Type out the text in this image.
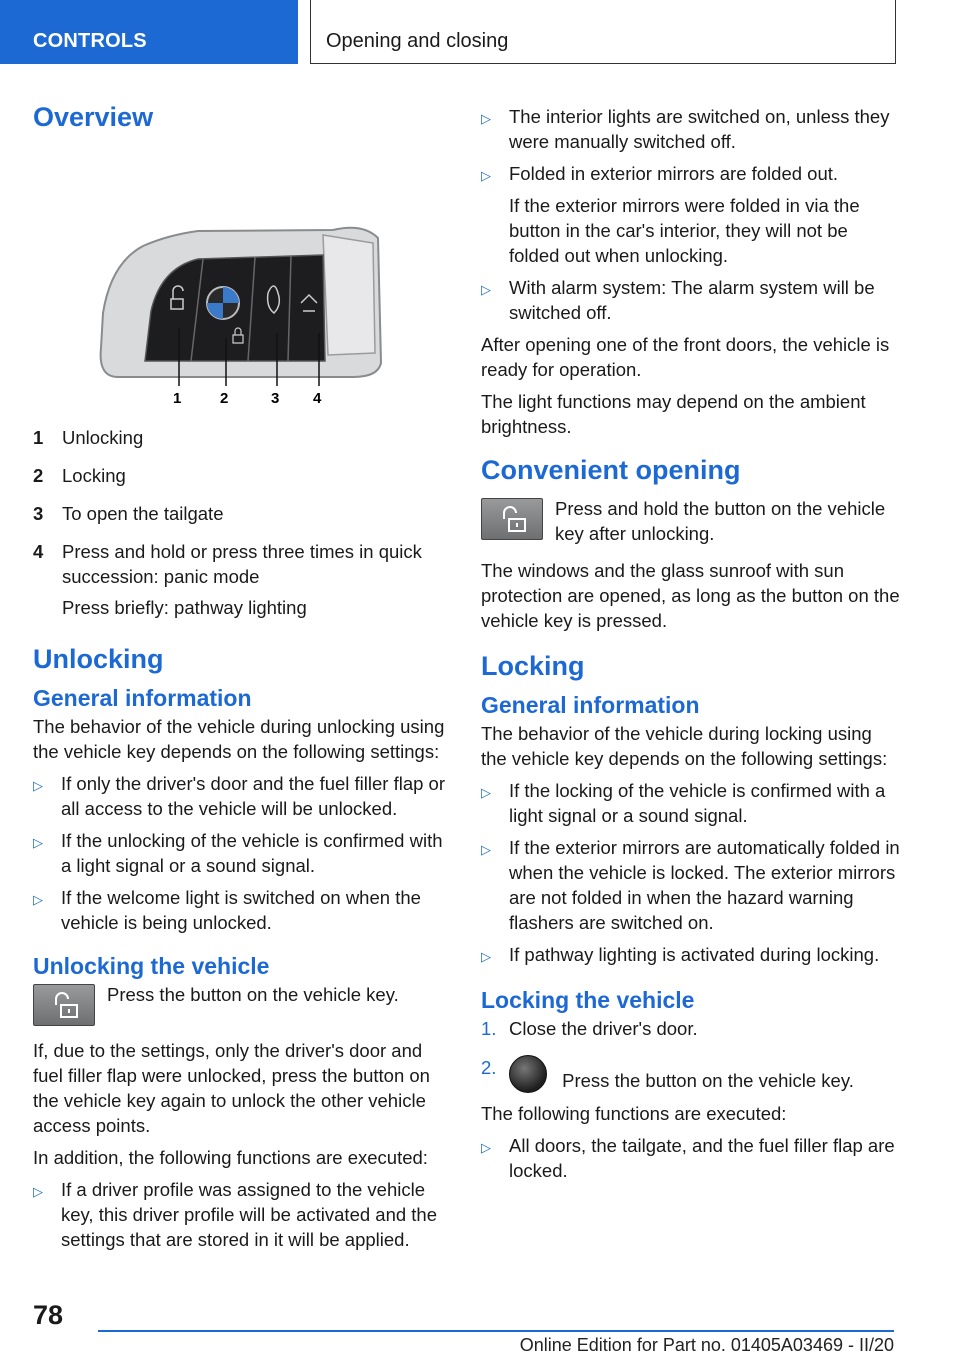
CONTROLS	Opening and closing
Overview
1	2	3 4
1	Unlocking

2	Locking

3	To open the tailgate

4	Press and hold or press three times in quick succession: panic mode

Press briefly: pathway lighting

Unlocking
General information

The behavior of the vehicle during unlocking using the vehicle key depends on the following settings:

▷ If only the driver's door and the fuel filler flap or all access to the vehicle will be unlocked.
▷ If the unlocking of the vehicle is confirmed with a light signal or a sound signal.
▷ If the welcome light is switched on when the vehicle is being unlocked.
Unlocking the vehicle
Press the button on the vehicle key.

If, due to the settings, only the driver's door and fuel filler flap were unlocked, press the button on the vehicle key again to unlock the other vehicle access points.

In addition, the following functions are executed:

▷ If a driver profile was assigned to the vehicle key, this driver profile will be activated and the settings that are stored in it will be applied.
▷ The interior lights are switched on, unless they were manually switched off.
▷ Folded in exterior mirrors are folded out.

If the exterior mirrors were folded in via the button in the car's interior, they will not be folded out when unlocking.

▷ With alarm system: The alarm system will be switched off.

After opening one of the front doors, the vehicle is ready for operation.

The light functions may depend on the ambient brightness.

Convenient opening
Press and hold the button on the vehicle key after unlocking.

The windows and the glass sunroof with sun protection are opened, as long as the button on the vehicle key is pressed.

Locking
General information

The behavior of the vehicle during locking using the vehicle key depends on the following settings:

▷ If the locking of the vehicle is confirmed with a light signal or a sound signal.
▷ If the exterior mirrors are automatically folded in when the vehicle is locked. The exterior mirrors are not folded in when the hazard warning flashers are switched on.
▷ If pathway lighting is activated during locking.
Locking the vehicle
1. Close the driver's door.
2.
Press the button on the vehicle key.

The following functions are executed:

▷ All doors, the tailgate, and the fuel filler flap are locked.
78
Online Edition for Part no. 01405A03469 - II/20
